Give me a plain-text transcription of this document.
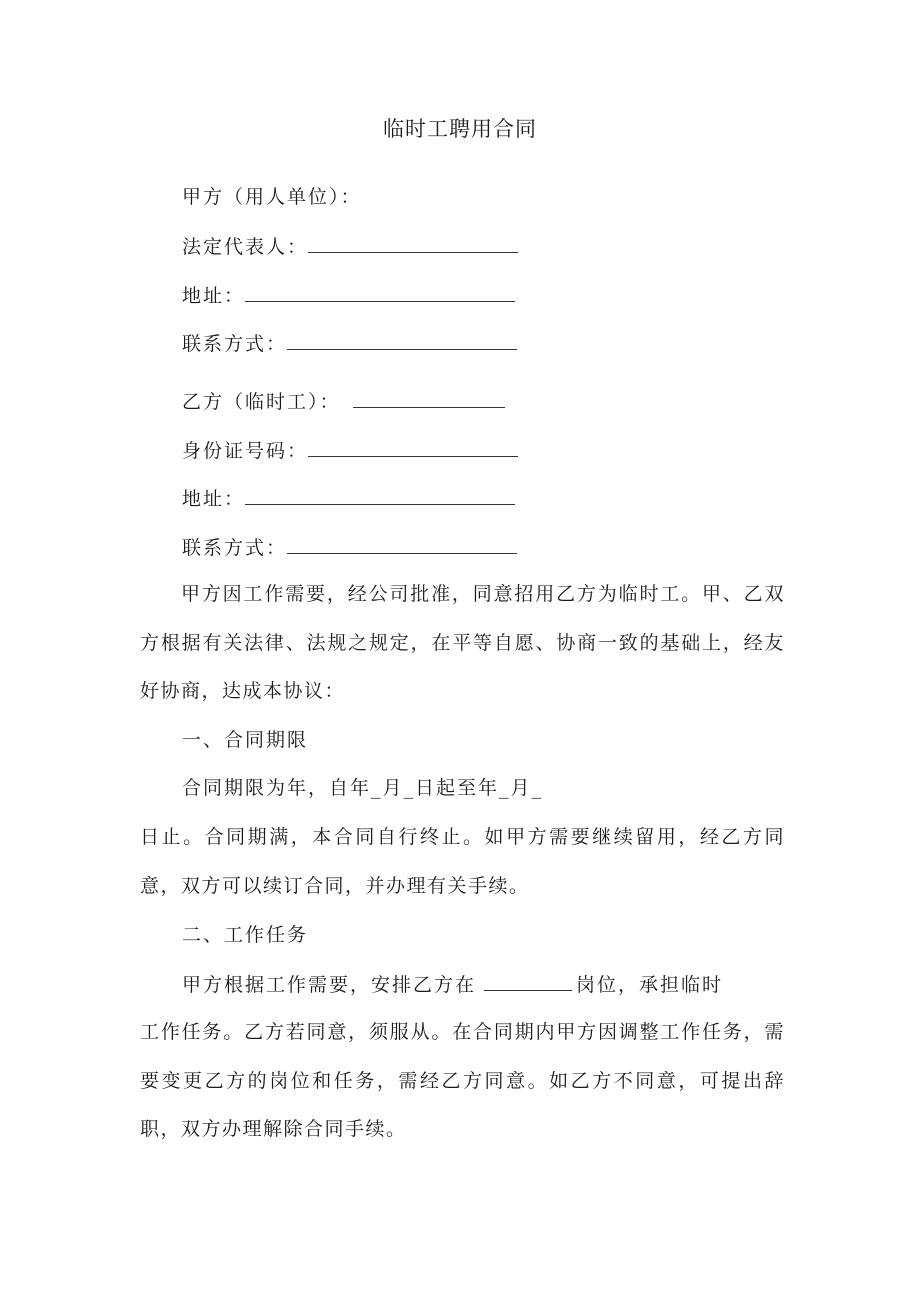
临时工聘用合同
甲方（用人单位）：
法定代表人：
地址：
联系方式：
乙方（临时工）：
身份证号码：
地址：
联系方式：
甲方因工作需要，经公司批准，同意招用乙方为临时工。甲、乙双方根据有关法律、法规之规定，在平等自愿、协商一致的基础上，经友好协商，达成本协议：
一、合同期限
合同期限为年，自年_月_日起至年_月_
日止。合同期满，本合同自行终止。如甲方需要继续留用，经乙方同意，双方可以续订合同，并办理有关手续。
二、工作任务
甲方根据工作需要，安排乙方在	岗位，承担临时
工作任务。乙方若同意，须服从。在合同期内甲方因调整工作任务，需要变更乙方的岗位和任务，需经乙方同意。如乙方不同意，可提出辞职，双方办理解除合同手续。
